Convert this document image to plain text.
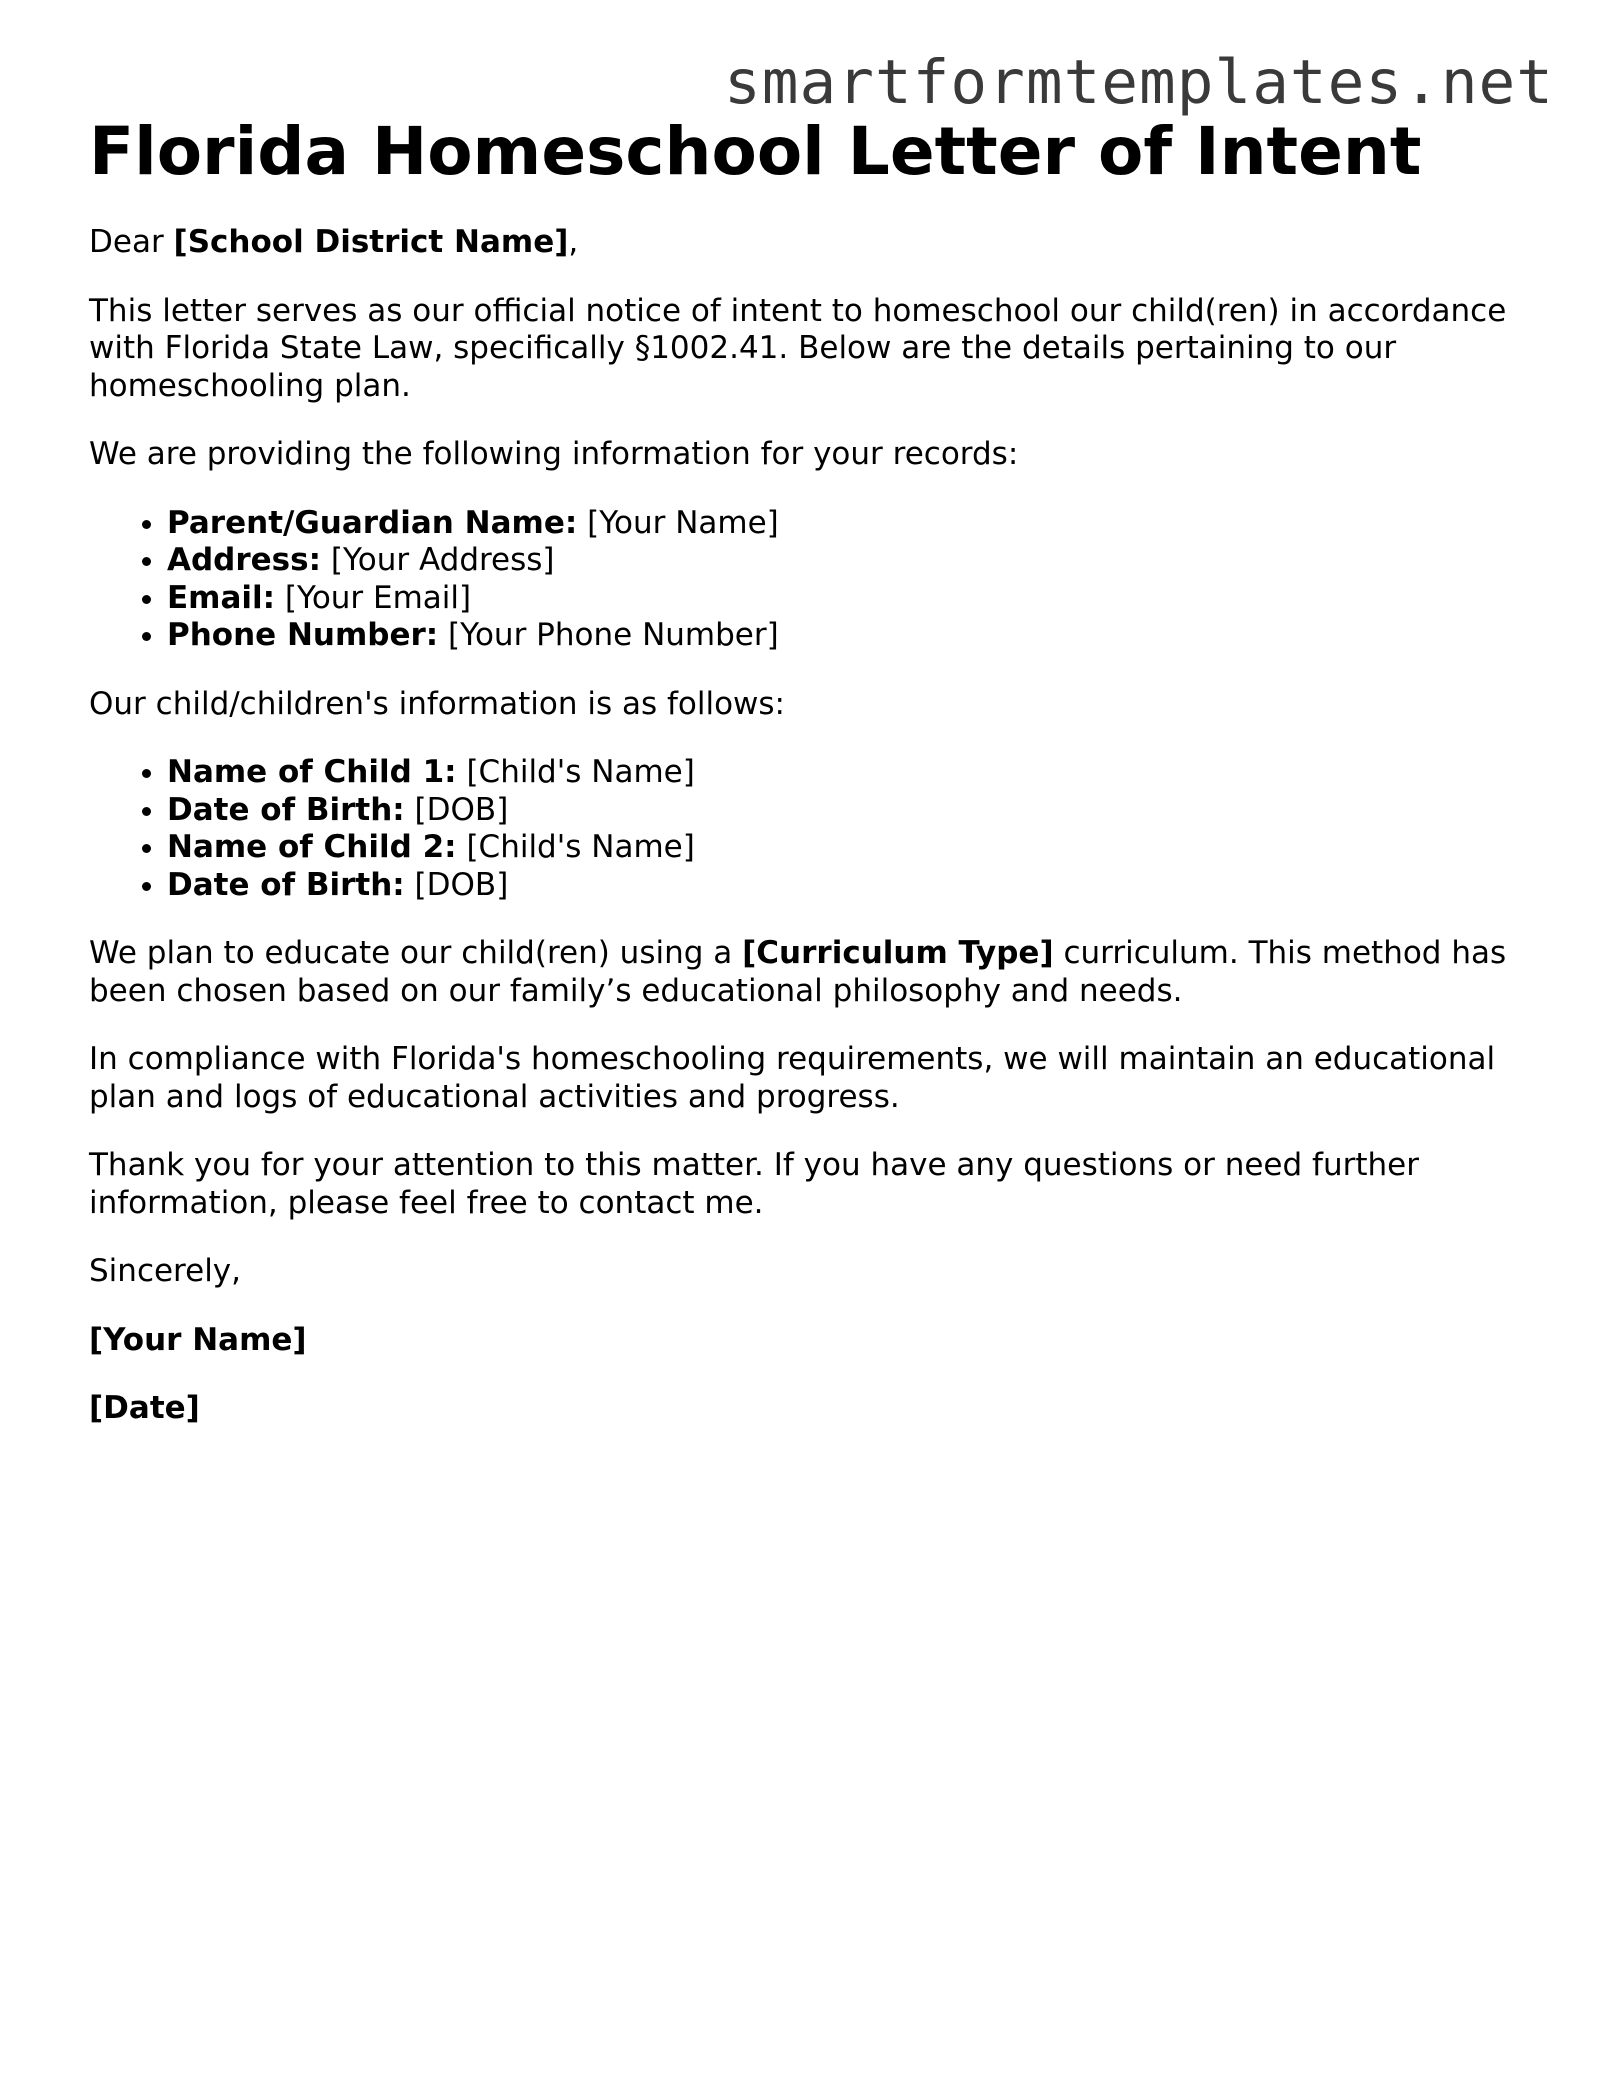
smartformtemplates.net
Florida Homeschool Letter of Intent

Dear [School District Name],

This letter serves as our official notice of intent to homeschool our child(ren) in accordance with Florida State Law, specifically §1002.41. Below are the details pertaining to our homeschooling plan.

We are providing the following information for your records:

• Parent/Guardian Name: [Your Name]
• Address: [Your Address]
• Email: [Your Email]
• Phone Number: [Your Phone Number]

Our child/children's information is as follows:

• Name of Child 1: [Child's Name]
• Date of Birth: [DOB]
• Name of Child 2: [Child's Name]
• Date of Birth: [DOB]

We plan to educate our child(ren) using a [Curriculum Type] curriculum. This method has been chosen based on our family’s educational philosophy and needs.

In compliance with Florida's homeschooling requirements, we will maintain an educational plan and logs of educational activities and progress.

Thank you for your attention to this matter. If you have any questions or need further information, please feel free to contact me.

Sincerely,

[Your Name]

[Date]
